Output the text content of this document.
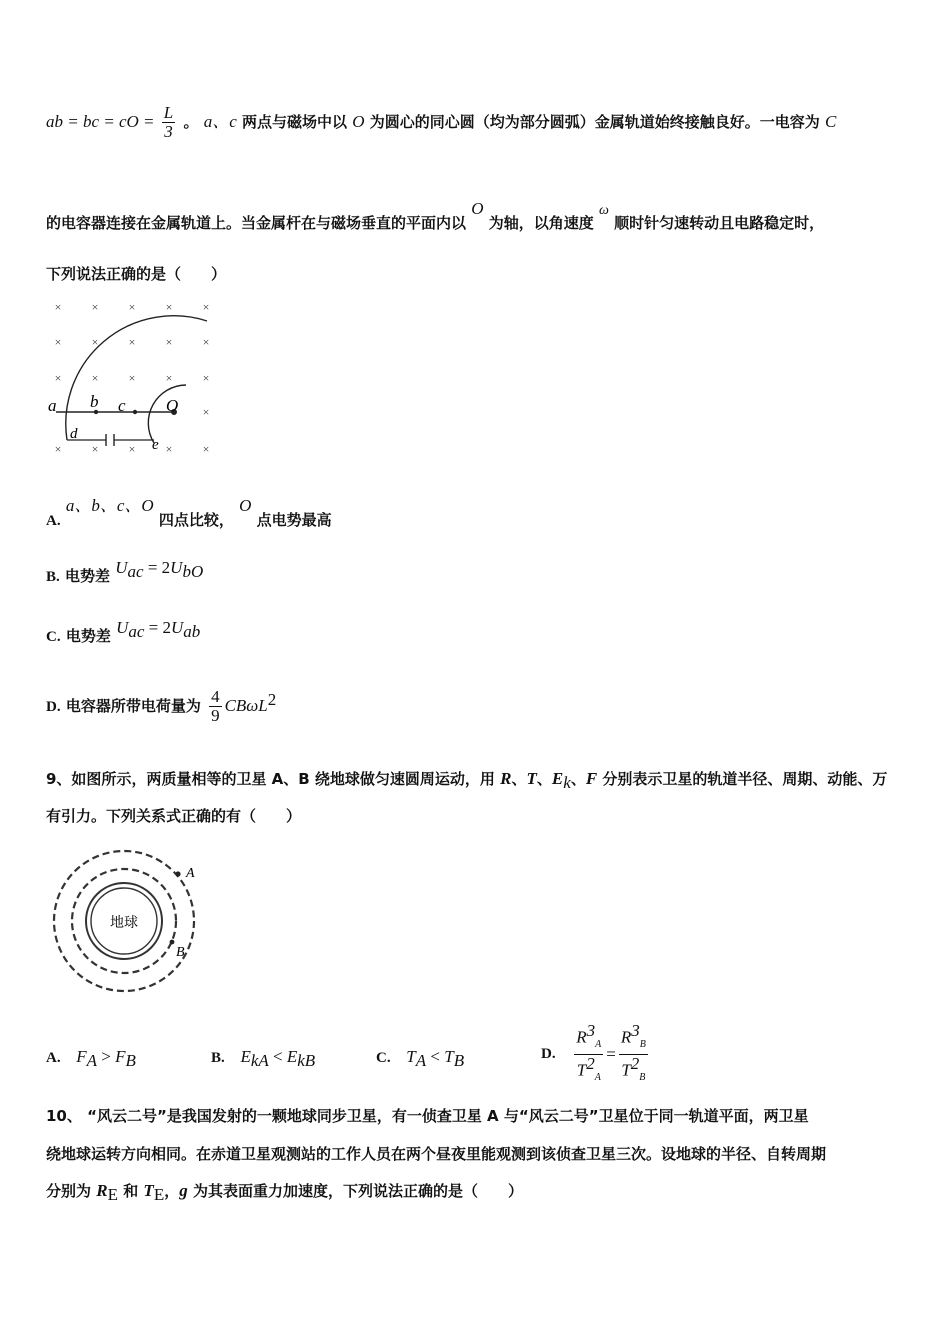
ab = bc = cO = $\frac{L}{3}$ 。 a、c 两点与磁场中以 O 为圆心的同心圆（均为部分圆弧）金属轨道始终接触良好。一电容为 C
的电容器连接在金属轨道上。当金属杆在与磁场垂直的平面内以 O 为轴，以角速度 ω 顺时针匀速转动且电路稳定时，
下列说法正确的是（　　）
×	×	×	×	×
×	×	×	×	×
×	×	×	×	×
×
×	×	×	×	×
a b c O
d
e
A. a、b、c、O 四点比较， O 点电势最高
B. 电势差 $U_{ac} = 2U_{bO}$
C. 电势差 $U_{ac} = 2U_{ab}$
D. 电容器所带电荷量为 $\frac{4}{9} CB\omega L^2$
9、如图所示，两质量相等的卫星 A、B 绕地球做匀速圆周运动，用 R、T、$E_k$、F 分别表示卫星的轨道半径、周期、动能、万
有引力。下列关系式正确的有（　　）
地球
A
B
A. $F_A > F_B$	B. $E_{kA} < E_{kB}$	C. $T_A < T_B$	D. $\frac{R^3_A}{T^2_A} = \frac{R^3_B}{T^2_B}$
10、 “风云二号”是我国发射的一颗地球同步卫星，有一侦查卫星 A 与“风云二号”卫星位于同一轨道平面，两卫星
绕地球运转方向相同。在赤道卫星观测站的工作人员在两个昼夜里能观测到该侦查卫星三次。设地球的半径、自转周期
分别为 $R_E$ 和 $T_E$，g 为其表面重力加速度，下列说法正确的是（　　）
